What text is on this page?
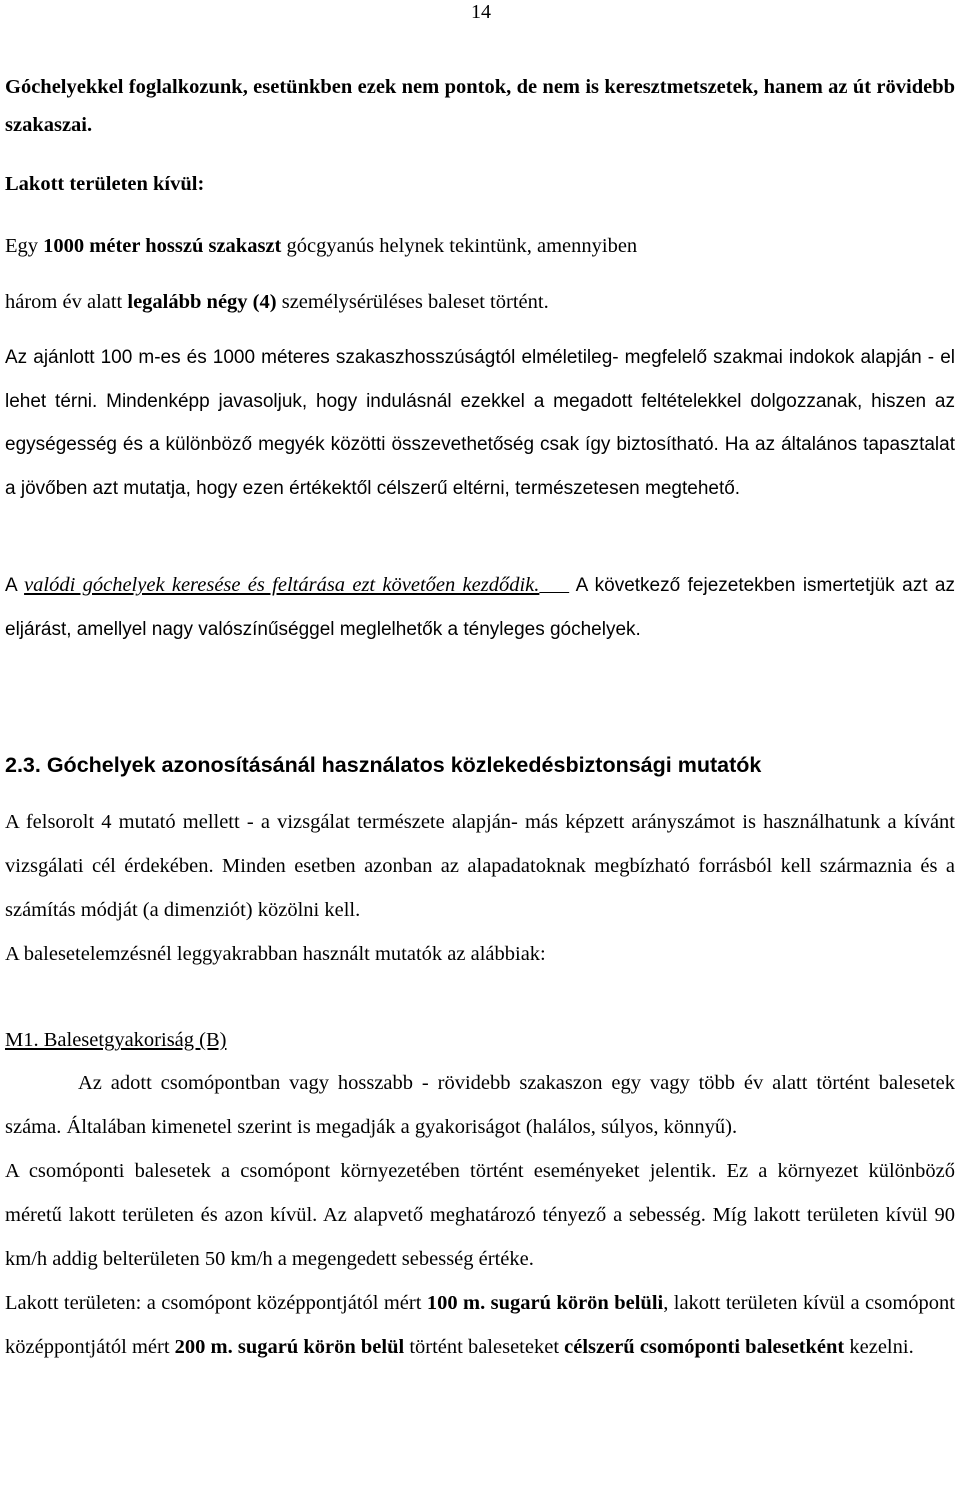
14

Góchelyekkel foglalkozunk, esetünkben ezek nem pontok, de nem is keresztmetszetek, hanem az út rövidebb szakaszai.

Lakott területen kívül:

Egy 1000 méter hosszú szakaszt gócgyanús helynek tekintünk, amennyiben
három év alatt legalább négy (4) személysérüléses baleset történt.

Az ajánlott 100 m-es és 1000 méteres szakaszhosszúságtól elméletileg- megfelelő szakmai indokok alapján - el lehet térni. Mindenképp javasoljuk, hogy indulásnál ezekkel a megadott feltételekkel dolgozzanak, hiszen az egységesség és a különböző megyék közötti összevethetőség csak így biztosítható. Ha az általános tapasztalat a jövőben azt mutatja, hogy ezen értékektől célszerű eltérni, természetesen megtehető.

A valódi góchelyek keresése és feltárása ezt követően kezdődik. A következő fejezetekben ismertetjük azt az eljárást, amellyel nagy valószínűséggel meglelhetők a tényleges góchelyek.

2.3. Góchelyek azonosításánál használatos közlekedésbiztonsági mutatók

A felsorolt 4 mutató mellett - a vizsgálat természete alapján- más képzett arányszámot is használhatunk a kívánt vizsgálati cél érdekében. Minden esetben azonban az alapadatoknak megbízható forrásból kell származnia és a számítás módját (a dimenziót) közölni kell.

A balesetelemzésnél leggyakrabban használt mutatók az alábbiak:

M1. Balesetgyakoriság (B)

Az adott csomópontban vagy hosszabb - rövidebb szakaszon egy vagy több év alatt történt balesetek száma. Általában kimenetel szerint is megadják a gyakoriságot (halálos, súlyos, könnyű).

A csomóponti balesetek a csomópont környezetében történt eseményeket jelentik. Ez a környezet különböző méretű lakott területen és azon kívül. Az alapvető meghatározó tényező a sebesség. Míg lakott területen kívül 90 km/h addig belterületen 50 km/h a megengedett sebesség értéke.

Lakott területen: a csomópont középpontjától mért 100 m. sugarú körön belüli, lakott területen kívül a csomópont középpontjától mért 200 m. sugarú körön belül történt baleseteket célszerű csomóponti balesetként kezelni.
